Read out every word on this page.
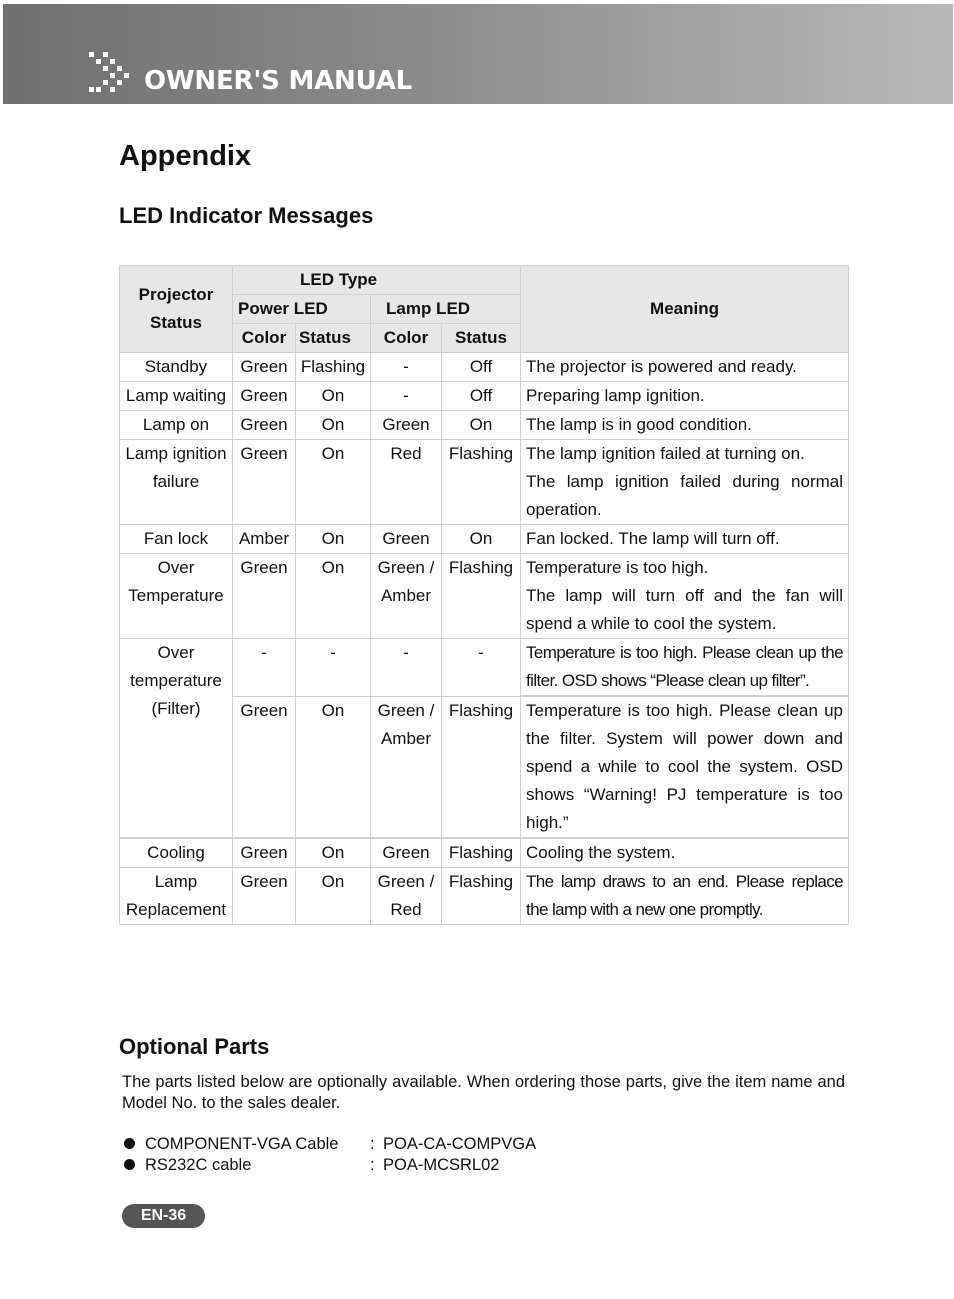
OWNER'S MANUAL
Appendix
LED Indicator Messages
Projector Status	LED Type				Meaning
	Power LED		Lamp LED		
	Color	Status	Color	Status	
Standby	Green	Flashing	-	Off	The projector is powered and ready.
Lamp waiting	Green	On	-	Off	Preparing lamp ignition.
Lamp on	Green	On	Green	On	The lamp is in good condition.
Lamp ignition failure	Green	On	Red	Flashing	The lamp ignition failed at turning on.
The lamp ignition failed during normal operation.

Fan lock	Amber	On	Green	On	Fan locked. The lamp will turn off.
Over Temperature	Green	On	Green / Amber	Flashing	Temperature is too high.
The lamp will turn off and the fan will spend a while to cool the system.

Over temperature (Filter)	-	-	-	-	Temperature is too high. Please clean up the filter. OSD shows “Please clean up filter”.
	Green	On	Green / Amber	Flashing	Temperature is too high. Please clean up the filter. System will power down and spend a while to cool the system. OSD shows “Warning! PJ temperature is too high.”
Cooling	Green	On	Green	Flashing	Cooling the system.
Lamp Replacement	Green	On	Green / Red	Flashing	The lamp draws to an end. Please replace the lamp with a new one promptly.
Optional Parts
The parts listed below are optionally available. When ordering those parts, give the item name and Model No. to the sales dealer.
COMPONENT-VGA Cable : POA-CA-COMPVGA
RS232C cable	: POA-MCSRL02
EN-36
